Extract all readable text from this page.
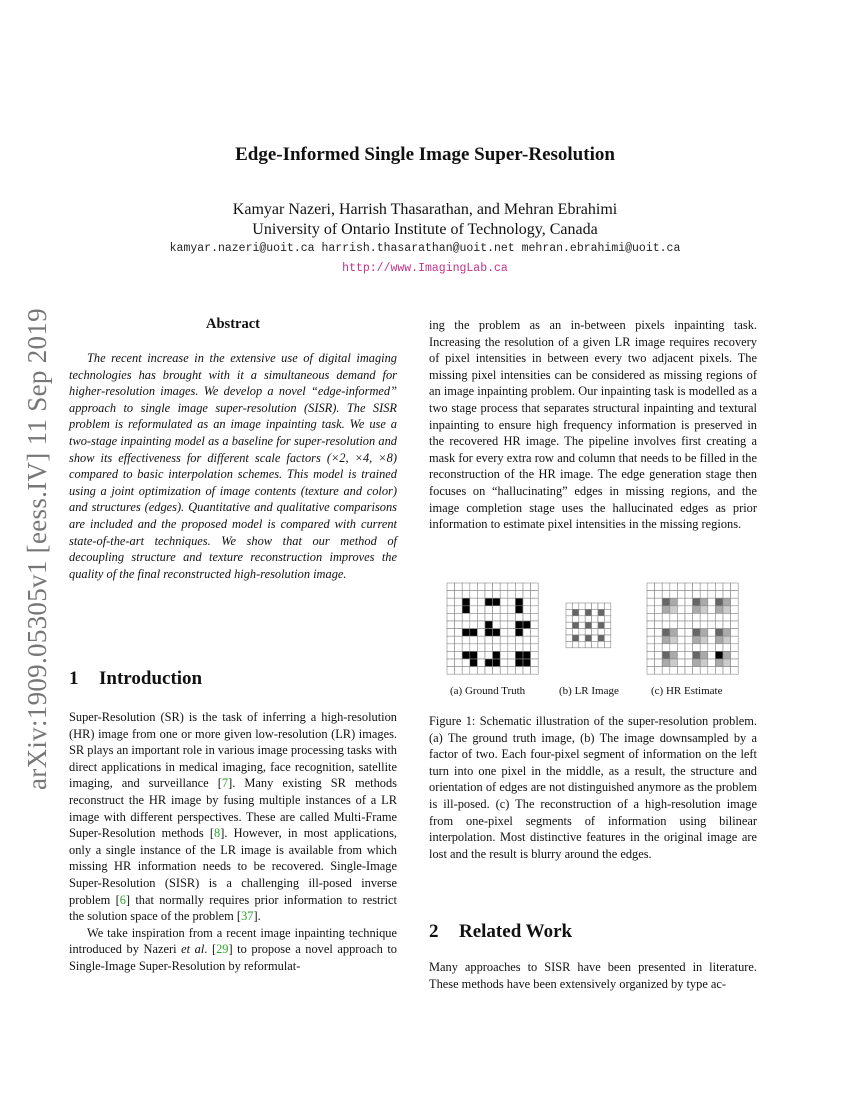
arXiv:1909.05305v1 [eess.IV] 11 Sep 2019
Edge-Informed Single Image Super-Resolution
Kamyar Nazeri, Harrish Thasarathan, and Mehran Ebrahimi
University of Ontario Institute of Technology, Canada
kamyar.nazeri@uoit.ca harrish.thasarathan@uoit.net mehran.ebrahimi@uoit.ca
http://www.ImagingLab.ca
Abstract

The recent increase in the extensive use of digital imaging technologies has brought with it a simultaneous demand for higher-resolution images. We develop a novel “edge-informed” approach to single image super-resolution (SISR). The SISR problem is reformulated as an image inpainting task. We use a two-stage inpainting model as a baseline for super-resolution and show its effectiveness for different scale factors (×2, ×4, ×8) compared to basic interpolation schemes. This model is trained using a joint optimization of image contents (texture and color) and structures (edges). Quantitative and qualitative comparisons are included and the proposed model is compared with current state-of-the-art techniques. We show that our method of decoupling structure and texture reconstruction improves the quality of the final reconstructed high-resolution image.

1 Introduction

Super-Resolution (SR) is the task of inferring a high-resolution (HR) image from one or more given low-resolution (LR) images. SR plays an important role in various image processing tasks with direct applications in medical imaging, face recognition, satellite imaging, and surveillance [7]. Many existing SR methods reconstruct the HR image by fusing multiple instances of a LR image with different perspectives. These are called Multi-Frame Super-Resolution methods [8]. However, in most applications, only a single instance of the LR image is available from which missing HR information needs to be recovered. Single-Image Super-Resolution (SISR) is a challenging ill-posed inverse problem [6] that normally requires prior information to restrict the solution space of the problem [37].

We take inspiration from a recent image inpainting technique introduced by Nazeri et al. [29] to propose a novel approach to Single-Image Super-Resolution by reformulat-

ing the problem as an in-between pixels inpainting task. Increasing the resolution of a given LR image requires recovery of pixel intensities in between every two adjacent pixels. The missing pixel intensities can be considered as missing regions of an image inpainting problem. Our inpainting task is modelled as a two stage process that separates structural inpainting and textural inpainting to ensure high frequency information is preserved in the recovered HR image. The pipeline involves first creating a mask for every extra row and column that needs to be filled in the reconstruction of the HR image. The edge generation stage then focuses on “hallucinating” edges in missing regions, and the image completion stage uses the hallucinated edges as prior information to estimate pixel intensities in the missing regions.

(a) Ground Truth	(b) LR Image	(c) HR Estimate

Figure 1: Schematic illustration of the super-resolution problem. (a) The ground truth image, (b) The image downsampled by a factor of two. Each four-pixel segment of information on the left turn into one pixel in the middle, as a result, the structure and orientation of edges are not distinguished anymore as the problem is ill-posed. (c) The reconstruction of a high-resolution image from one-pixel segments of information using bilinear interpolation. Most distinctive features in the original image are lost and the result is blurry around the edges.

2 Related Work

Many approaches to SISR have been presented in literature. These methods have been extensively organized by type ac-
